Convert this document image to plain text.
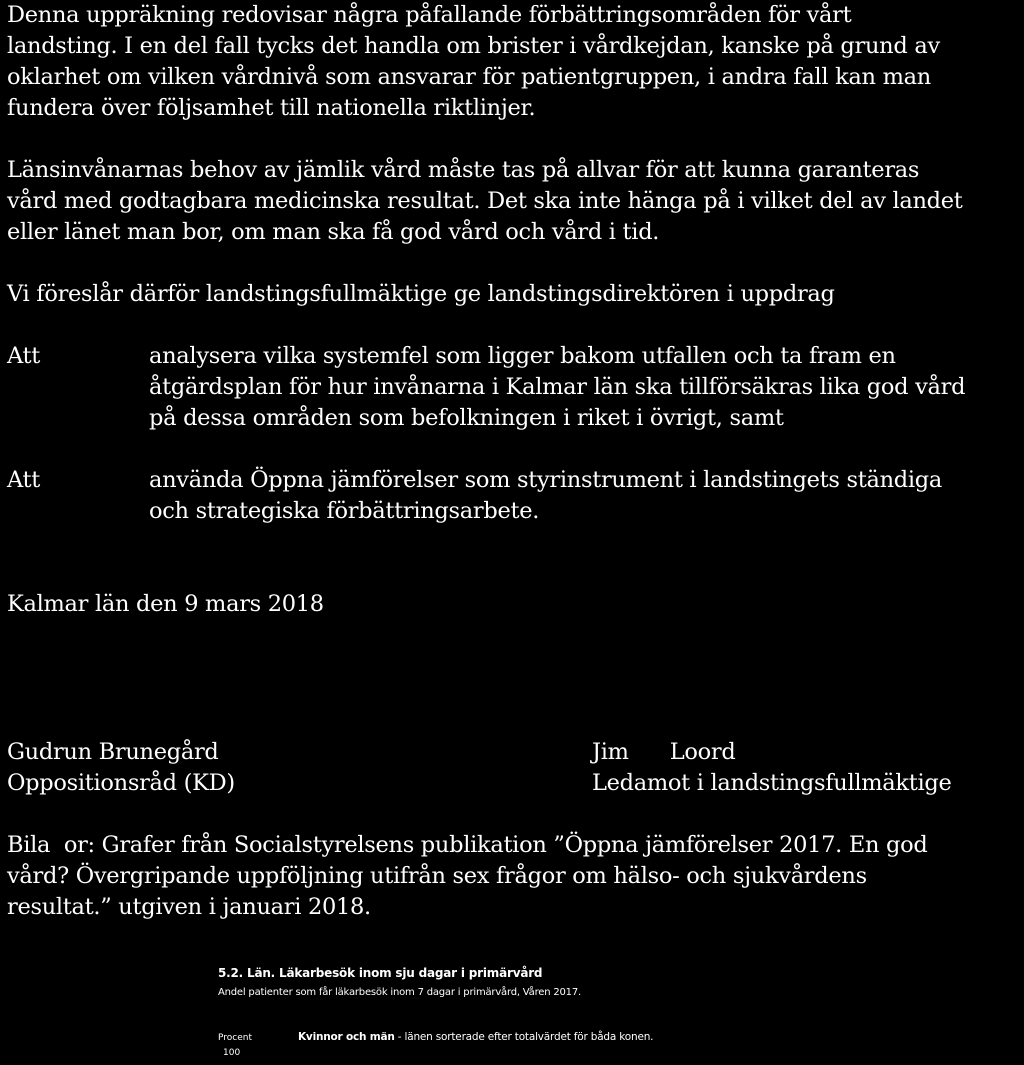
Denna uppräkning redovisar några påfallande förbättringsområden för vårt
landsting. I en del fall tycks det handla om brister i vårdkejdan, kanske på grund av
oklarhet om vilken vårdnivå som ansvarar för patientgruppen, i andra fall kan man
fundera över följsamhet till nationella riktlinjer.
Länsinvånarnas behov av jämlik vård måste tas på allvar för att kunna garanteras
vård med godtagbara medicinska resultat. Det ska inte hänga på i vilket del av landet
eller länet man bor, om man ska få god vård och vård i tid.
Vi föreslår därför landstingsfullmäktige ge landstingsdirektören i uppdrag
Att	analysera vilka systemfel som ligger bakom utfallen och ta fram en
åtgärdsplan för hur invånarna i Kalmar län ska tillförsäkras lika god vård
på dessa områden som befolkningen i riket i övrigt, samt
Att	använda Öppna jämförelser som styrinstrument i landstingets ständiga
och strategiska förbättringsarbete.
Kalmar län den 9 mars 2018
Gudrun Brunegård
Oppositionsråd (KD)
Jim      Loord
Ledamot i landstingsfullmäktige
Bila  or: Grafer från Socialstyrelsens publikation ”Öppna jämförelser 2017. En god
vård? Övergripande uppföljning utifrån sex frågor om hälso- och sjukvårdens
resultat.” utgiven i januari 2018.
5.2. Län. Läkarbesök inom sju dagar i primärvård
Andel patienter som får läkarbesök inom 7 dagar i primärvård, Våren 2017.
Procent
100
Kvinnor och män - länen sorterade efter totalvärdet för båda konen.
